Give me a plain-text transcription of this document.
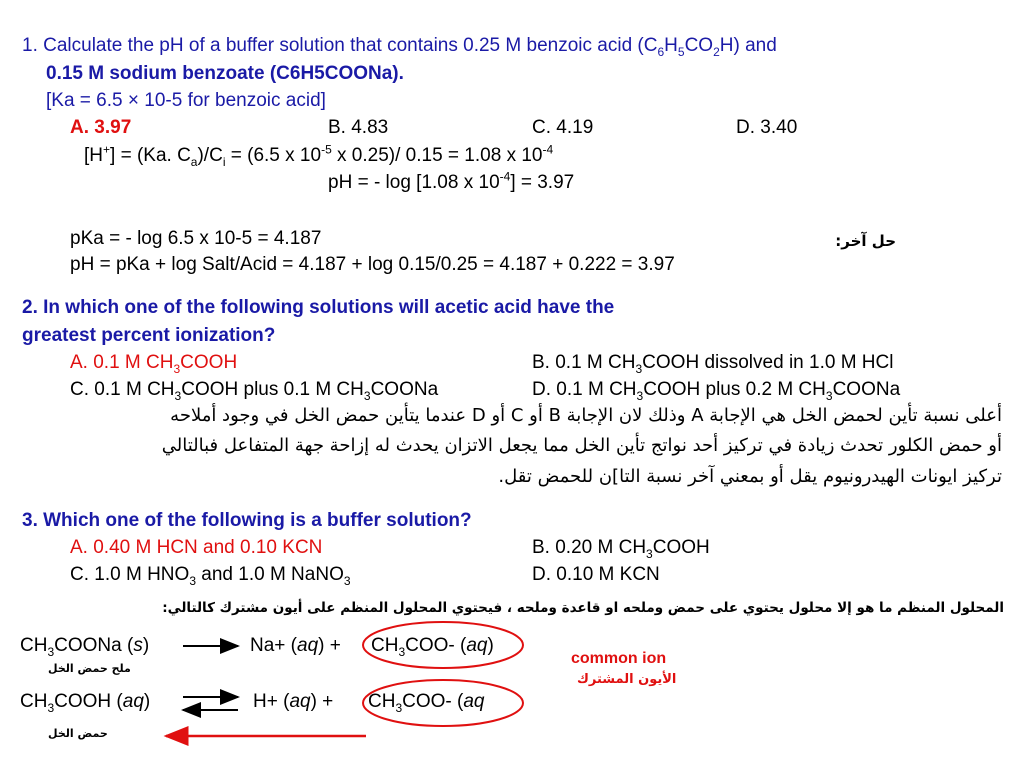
1. Calculate the pH of a buffer solution that contains 0.25 M benzoic acid $(C_6H_5CO_2H)$ and
0.15 M sodium benzoate (C6H5COONa).
[Ka = 6.5 × 10-5 for benzoic acid]
A. 3.97	B. 4.83	C. 4.19	D. 3.40
[H+] = (Ka. $C_a)/C_i = (6.5$ x $10^{-5}$ x 0.25)/ 0.15 = 1.08 x $10^{-4}$
pH = - log [1.08 x $10^{-4}] = 3.97$
pKa = - log 6.5 x 10-5 = 4.187	حل آخر:
pH = pKa + log Salt/Acid = 4.187 + log 0.15/0.25 = 4.187 + 0.222 = 3.97
2. In which one of the following solutions will acetic acid have the
greatest percent ionization?
A. 0.1 M $CH_3COOH$	B. 0.1 M $CH_3COOH$ dissolved in 1.0 M HCl
C. 0.1 M $CH_3COOH$ plus 0.1 M $CH_3COONa$	D. 0.1 M $CH_3COOH$ plus 0.2 M $CH_3COONa$
أعلى نسبة تأين لحمض الخل هي الإجابة A وذلك لان الإجابة B أو C أو D عندما يتأين حمض الخل في وجود أملاحه
أو حمض الكلور تحدث زيادة في تركيز أحد نواتج تأين الخل مما يجعل الاتزان يحدث له إزاحة جهة المتفاعل فبالتالي
تركيز ايونات الهيدرونيوم يقل أو بمعني آخر نسبة التا]ن للحمض تقل.
3. Which one of the following is a buffer solution?
A. 0.40 M HCN and 0.10 KCN	B. 0.20 M $CH_3COOH$
C. 1.0 M $HNO_3$ and 1.0 M NaNO$_3$	D. 0.10 M KCN
المحلول المنظم ما هو إلا محلول يحتوي على حمض وملحه او قاعدة وملحه ، فيحتوي المحلول المنظم على أيون مشترك كالتالي:
$CH_3COONa$ (s)	$Na+ (aq) + CH_3COO-$ (aq)
ملح حمض الخل
common ion
الأيون المشترك
$CH_3COOH$ (aq)	$H+ (aq) + CH_3COO-$ (aq
حمض الخل
